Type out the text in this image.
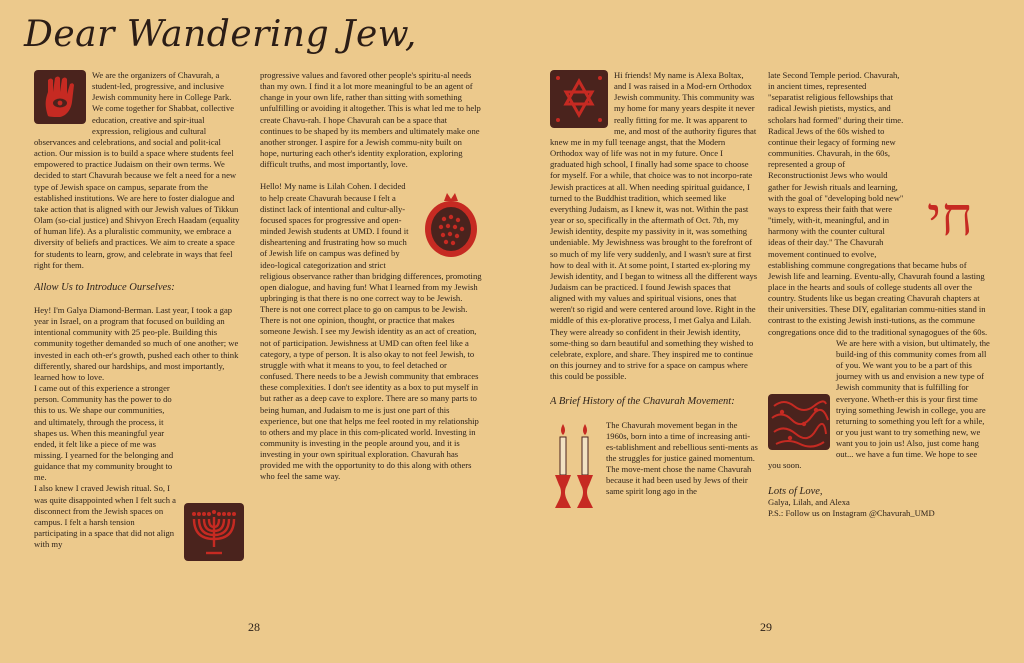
Dear Wandering Jew,

We are the organizers of Chavurah, a student-led, progressive, and inclusive Jewish community here in College Park. We come together for Shabbat, collective education, creative and spir-itual expression, religious and cultural observances and celebrations, and social and polit-ical action. Our mission is to build a space where students feel empowered to practice Judaism on their own terms. We decided to start Chavurah because we felt a need for a new type of Jewish space on campus, separate from the established institutions. We are here to foster dialogue and take action that is aligned with our Jewish values of Tikkun Olam (so-cial justice) and Shivyon Erech Haadam (equality of human life). As a pluralistic community, we embrace a diversity of beliefs and practices. We aim to create a space for students to learn, grow, and celebrate in ways that feel right for them.

Allow Us to Introduce Ourselves:

Hey! I'm Galya Diamond-Berman. Last year, I took a gap year in Israel, on a program that focused on building an intentional community with 25 peo-ple. Building this community together demanded so much of one another; we invested in each oth-er's growth, pushed each other to think differently, shared our hardships, and most importantly, learned how to love.

I came out of this experience a stronger person. Community has the power to do this to us. We shape our communities, and ultimately, through the process, it shapes us. When this meaningful year ended, it felt like a piece of me was missing. I yearned for the belonging and guidance that my community brought to me.

I also knew I craved Jewish ritual. So, I was quite disappointed when I felt such a disconnect from the Jewish spaces on campus. I felt a harsh tension participating in a space that did not align with my

progressive values and favored other people's spiritu-al needs than my own. I find it a lot more meaningful to be an agent of change in your own life, rather than sitting with something unfulfilling or avoiding it altogether. This is what led me to help create Chavu-rah. I hope Chavurah can be a space that continues to be shaped by its members and ultimately make one another stronger. I aspire for a Jewish commu-nity built on hope, nurturing each other's identity exploration, exploring difficult truths, and most importantly, love.

Hello! My name is Lilah Cohen. I decided to help create Chavurah because I felt a distinct lack of intentional and cultur-ally-focused spaces for progressive and open-minded Jewish students at UMD. I found it disheartening and frustrating how so much of Jewish life on campus was defined by ideo-logical categorization and strict religious observance rather than bridging differences, promoting open dialogue, and having fun! What I learned from my Jewish upbringing is that there is no one correct way to be Jewish. There is not one correct place to go on campus to be Jewish. There is not one opinion, thought, or practice that makes someone Jewish. I see my Jewish identity as an act of creation, not of participation. Jewishness at UMD can often feel like a category, a type of person. It is also okay to not feel Jewish, to struggle with what it means to you, to feel detached or confused. There needs to be a Jewish community that embraces these complexities. I don't see identity as a box to put myself in but rather as a deep cave to explore. There are so many parts to being human, and Judaism to me is just one part of this experience, but one that helps me feel rooted in my relationship to others and my place in this com-plicated world. Investing in community is investing in the people around you, and it is investing in your own spiritual exploration. Chavurah has provided me with the opportunity to do this along with others who feel the same way.

Hi friends! My name is Alexa Boltax, and I was raised in a Mod-ern Orthodox Jewish community. This community was my home for many years despite it never really fitting for me. It was apparent to me, and most of the authority figures that knew me in my full teenage angst, that the Modern Orthodox way of life was not in my future. Once I graduated high school, I finally had some space to choose for myself. For a while, that choice was to not incorpo-rate Jewish practices at all. When needing spiritual guidance, I turned to the Buddhist tradition, which seemed like everything Judaism, as I knew it, was not. Within the past year or so, specifically in the aftermath of Oct. 7th, my Jewish identity, despite my passivity in it, was something undeniable. My Jewishness was brought to the forefront of so much of my life very suddenly, and I wasn't sure at first how to deal with it. At some point, I started ex-ploring my Jewish identity, and I began to witness all the different ways Judaism can be practiced. I found Jewish spaces that aligned with my values and spiritual visions, ones that weren't so rigid and were centered around love. Right in the middle of this ex-plorative process, I met Galya and Lilah. They were already so confident in their Jewish identity, some-thing so darn beautiful and something they wished to celebrate, explore, and share. They inspired me to continue on this journey and to strive for a space on campus where this could be possible.

A Brief History of the Chavurah Movement:

The Chavurah movement began in the 1960s, born into a time of increasing anti-es-tablishment and rebellious senti-ments as the struggles for justice gained momentum. The move-ment chose the name Chavurah because it had been used by Jews of their same spirit long ago in the

חי

late Second Temple period. Chavurah, in ancient times, represented "separatist religious fellowships that radical Jewish pietists, mystics, and scholars had formed" during their time. Radical Jews of the 60s wished to continue their legacy of forming new communities. Chavurah, in the 60s, represented a group of Reconstructionist Jews who would gather for Jewish rituals and learning, with the goal of "developing bold new" ways to express their faith that were "timely, with-it, meaningful, and in harmony with the counter cultural ideas of their day." The Chavurah movement continued to evolve, establishing commune congregations that became hubs of Jewish life and learning. Eventu-ally, Chavurah found a lasting place in the hearts and souls of college students all over the country. Students like us began creating Chavurah chapters at their universities. These DIY, egalitarian commu-nities stand in contrast to the existing Jewish insti-tutions, as the commune congregations once did to the traditional synagogues of the 60s.

We are here with a vision, but ultimately, the build-ing of this community comes from all of you. We want you to be a part of this journey with us and envision a new type of Jewish community that is fulfilling for everyone. Wheth-er this is your first time trying something Jewish in college, you are returning to something you left for a while, or you just want to try something new, we want you to join us! Also, just come hang out... we have a fun time. We hope to see you soon.

Lots of Love,

Galya, Lilah, and Alexa

P.S.: Follow us on Instagram @Chavurah_UMD

28	29
